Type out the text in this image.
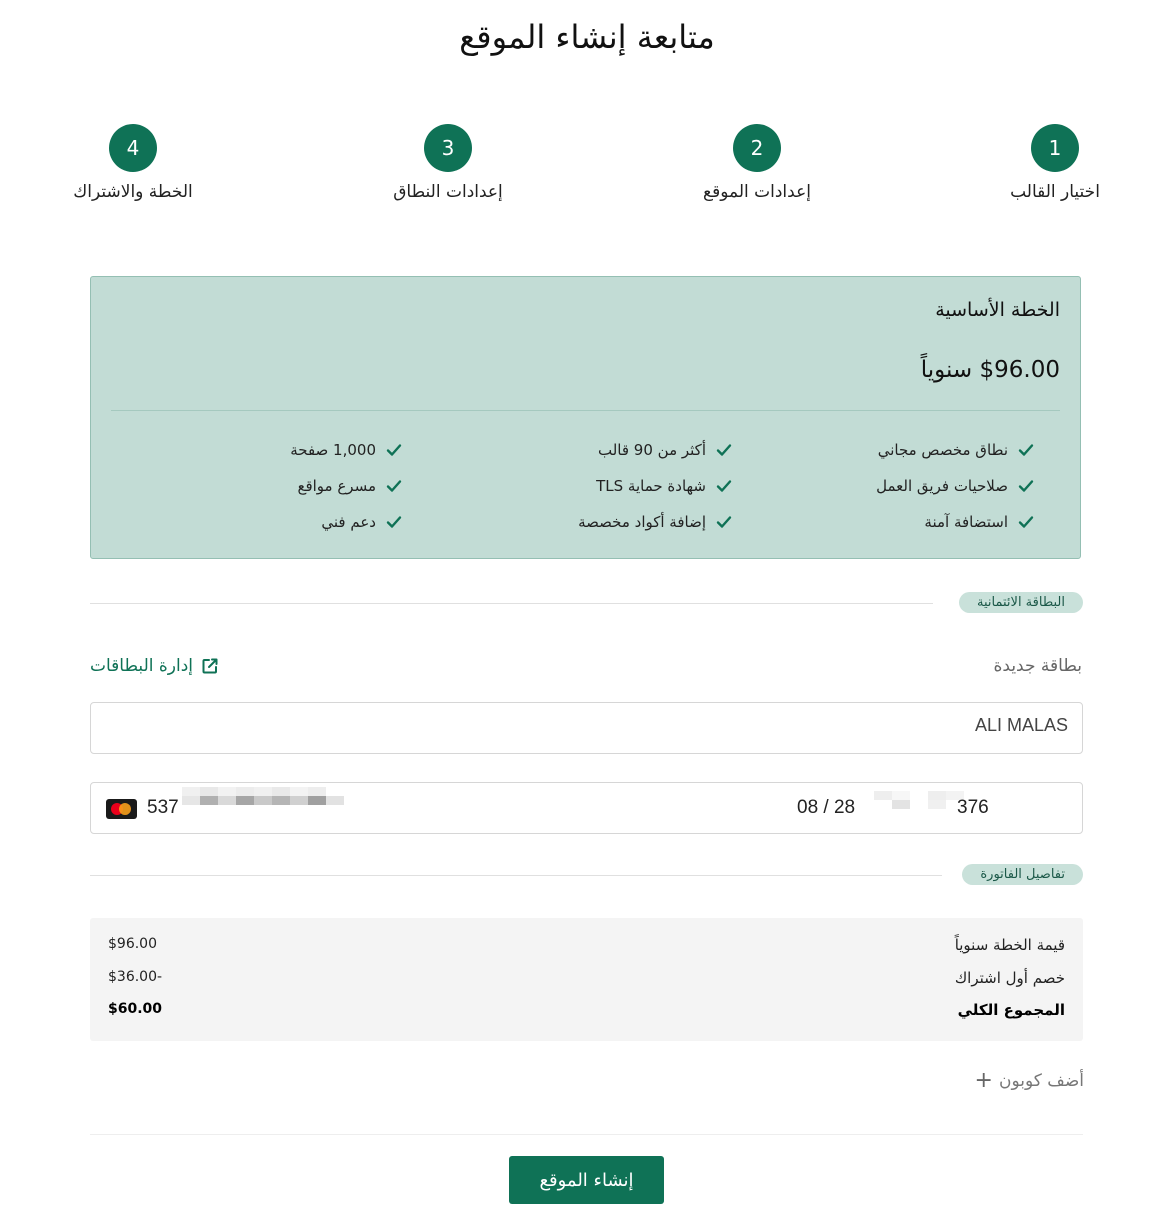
متابعة إنشاء الموقع
1
اختيار القالب
2
إعدادات الموقع
3
إعدادات النطاق
4
الخطة والاشتراك
الخطة الأساسية
$96.00 سنوياً
نطاق مخصص مجاني
أكثر من 90 قالب
1,000 صفحة
صلاحيات فريق العمل
شهادة حماية TLS
مسرع مواقع
استضافة آمنة
إضافة أكواد مخصصة
دعم فني
البطاقة الائتمانية
بطاقة جديدة
إدارة البطاقات
ALI MALAS
537	08 / 28	376
تفاصيل الفاتورة
قيمة الخطة سنوياً
$96.00
خصم أول اشتراك
$36.00-
المجموع الكلي
$60.00
أضف كوبون
+
إنشاء الموقع
